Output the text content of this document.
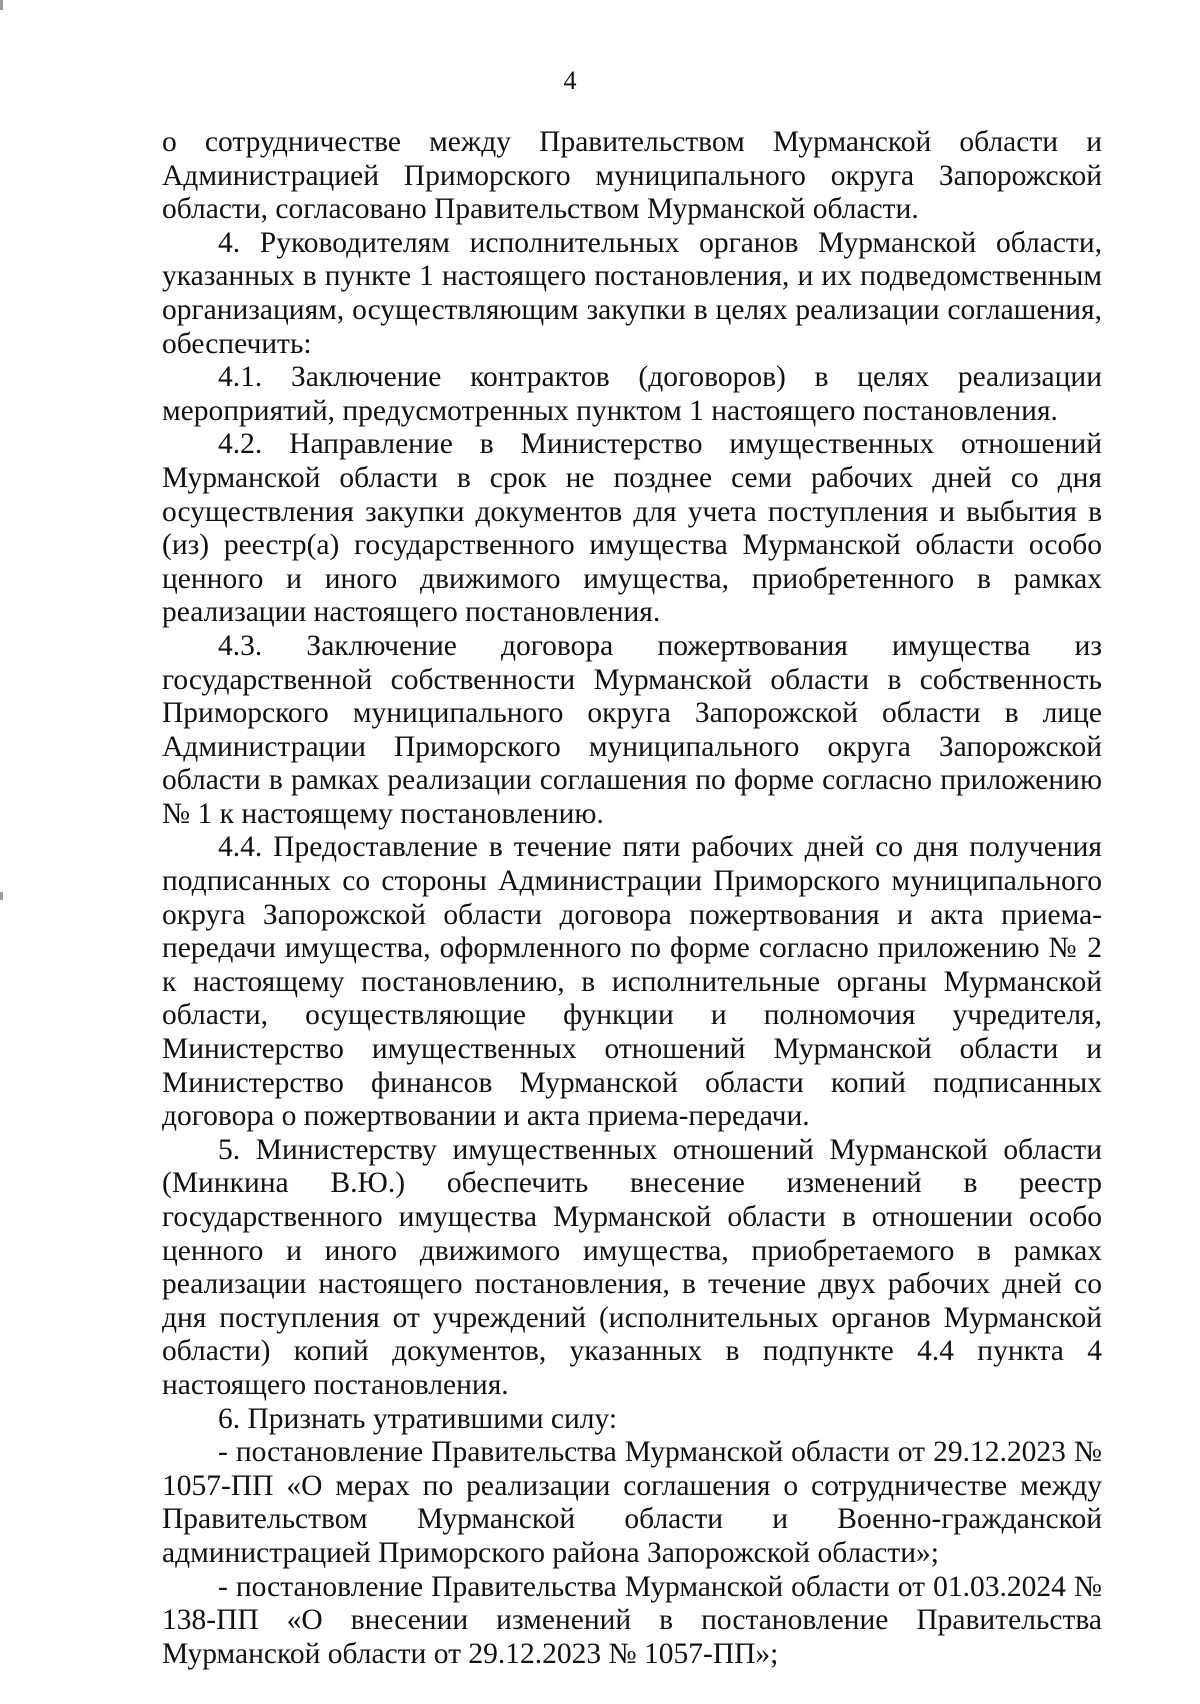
4

о сотрудничестве между Правительством Мурманской области и Администрацией Приморского муниципального округа Запорожской области, согласовано Правительством Мурманской области.

4. Руководителям исполнительных органов Мурманской области, указанных в пункте 1 настоящего постановления, и их подведомственным организациям, осуществляющим закупки в целях реализации соглашения, обеспечить:

4.1. Заключение контрактов (договоров) в целях реализации мероприятий, предусмотренных пунктом 1 настоящего постановления.

4.2. Направление в Министерство имущественных отношений Мурманской области в срок не позднее семи рабочих дней со дня осуществления закупки документов для учета поступления и выбытия в (из) реестр(а) государственного имущества Мурманской области особо ценного и иного движимого имущества, приобретенного в рамках реализации настоящего постановления.

4.3. Заключение договора пожертвования имущества из государственной собственности Мурманской области в собственность Приморского муниципального округа Запорожской области в лице Администрации Приморского муниципального округа Запорожской области в рамках реализации соглашения по форме согласно приложению № 1 к настоящему постановлению.

4.4. Предоставление в течение пяти рабочих дней со дня получения подписанных со стороны Администрации Приморского муниципального округа Запорожской области договора пожертвования и акта приема-передачи имущества, оформленного по форме согласно приложению № 2 к настоящему постановлению, в исполнительные органы Мурманской области, осуществляющие функции и полномочия учредителя, Министерство имущественных отношений Мурманской области и Министерство финансов Мурманской области копий подписанных договора о пожертвовании и акта приема-передачи.

5. Министерству имущественных отношений Мурманской области (Минкина В.Ю.) обеспечить внесение изменений в реестр государственного имущества Мурманской области в отношении особо ценного и иного движимого имущества, приобретаемого в рамках реализации настоящего постановления, в течение двух рабочих дней со дня поступления от учреждений (исполнительных органов Мурманской области) копий документов, указанных в подпункте 4.4 пункта 4 настоящего постановления.

6. Признать утратившими силу:

- постановление Правительства Мурманской области от 29.12.2023 № 1057-ПП «О мерах по реализации соглашения о сотрудничестве между Правительством Мурманской области и Военно-гражданской администрацией Приморского района Запорожской области»;

- постановление Правительства Мурманской области от 01.03.2024 № 138-ПП «О внесении изменений в постановление Правительства Мурманской области от 29.12.2023 № 1057-ПП»;
